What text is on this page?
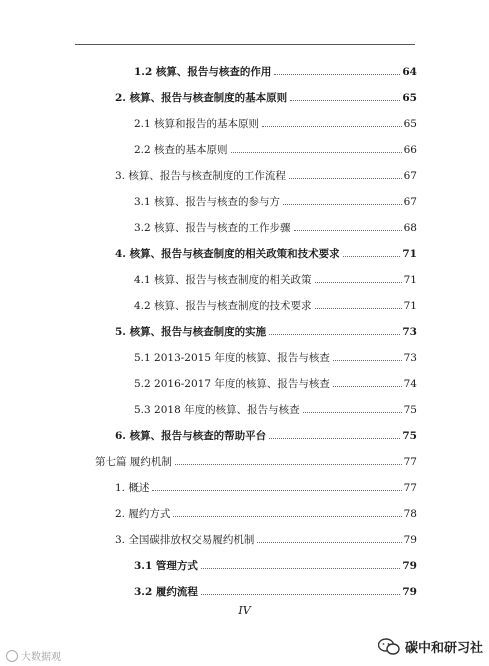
1.2 核算、报告与核查的作用	64
2. 核算、报告与核查制度的基本原则	65
2.1 核算和报告的基本原则	65
2.2 核查的基本原则	66
3. 核算、报告与核查制度的工作流程	67
3.1 核算、报告与核查的参与方	67
3.2 核算、报告与核查的工作步骤	68
4. 核算、报告与核查制度的相关政策和技术要求	71
4.1 核算、报告与核查制度的相关政策	71
4.2 核算、报告与核查制度的技术要求	71
5. 核算、报告与核查制度的实施	73
5.1 2013-2015 年度的核算、报告与核查	73
5.2 2016-2017 年度的核算、报告与核查	74
5.3 2018 年度的核算、报告与核查	75
6. 核算、报告与核查的帮助平台	75
第七篇 履约机制	77
1. 概述	77
2. 履约方式	78
3. 全国碳排放权交易履约机制	79
3.1 管理方式	79
3.2 履约流程	79
IV
大数据观
碳中和研习社
